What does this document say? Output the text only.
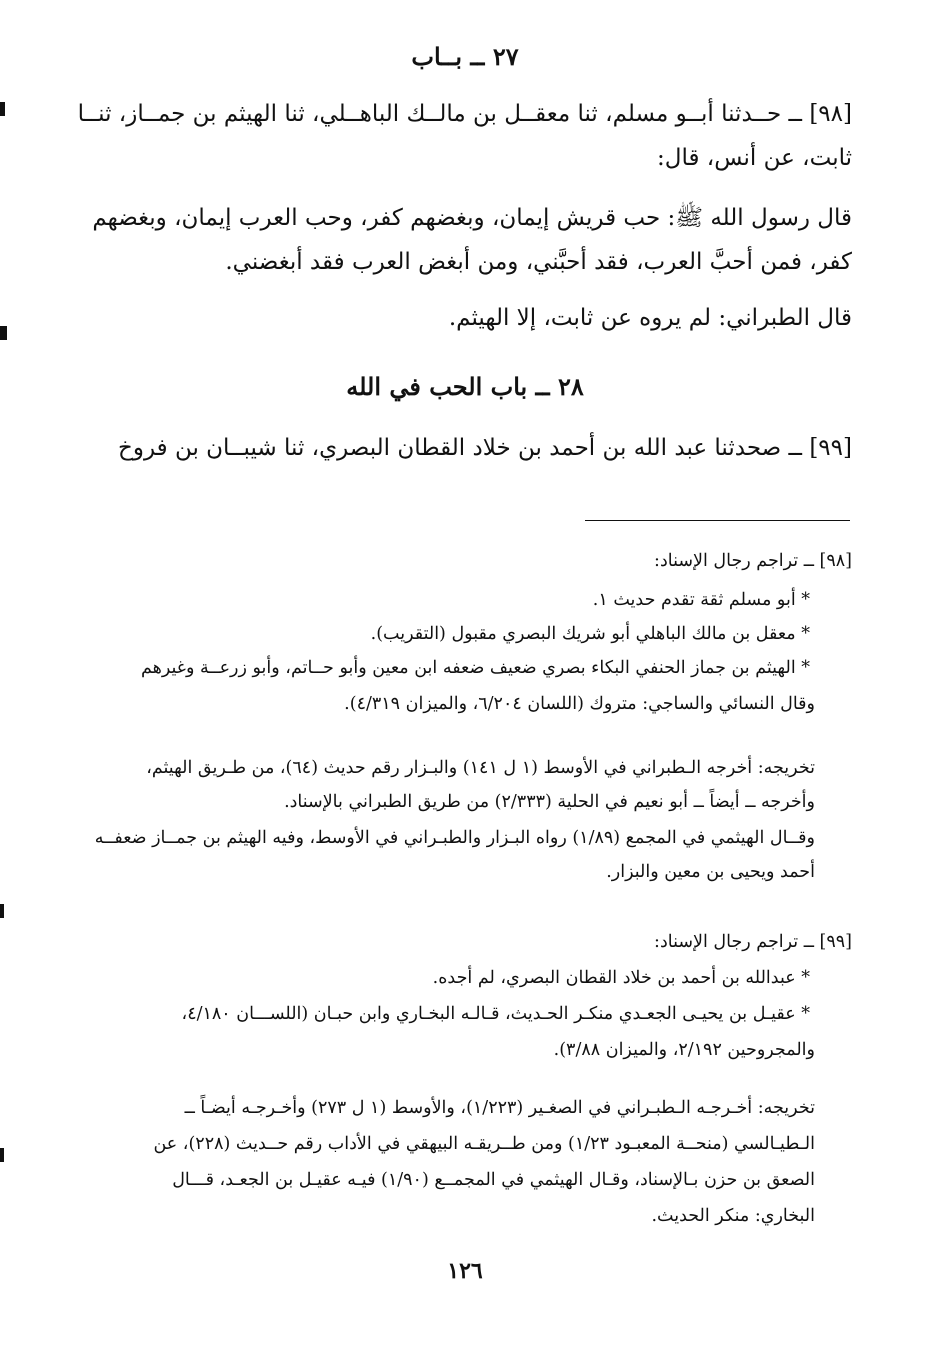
٢٧ ــ بــاب
[٩٨] ــ حــدثنا أبــو مسلم، ثنا معقــل بن مالــك الباهــلي، ثنا الهيثم بن جمــاز، ثنــا
ثابت، عن أنس، قال:
قال رسول الله ﷺ: حب قريش إيمان، وبغضهم كفر، وحب العرب إيمان، وبغضهم
كفر، فمن أحبَّ العرب، فقد أحبَّني، ومن أبغض العرب فقد أبغضني.
قال الطبراني: لم يروه عن ثابت، إلا الهيثم.
٢٨ ــ باب الحب في الله
[٩٩] ــ صحدثنا عبد الله بن أحمد بن خلاد القطان البصري، ثنا شيبــان بن فروخ
[٩٨] ــ تراجم رجال الإسناد:
* أبو مسلم ثقة تقدم حديث ١.
* معقل بن مالك الباهلي أبو شريك البصري مقبول (التقريب).
* الهيثم بن جماز الحنفي البكاء بصري ضعيف ضعفه ابن معين وأبو حــاتم، وأبو زرعــة وغيرهم
وقال النسائي والساجي: متروك (اللسان ٦/٢٠٤، والميزان ٤/٣١٩).
تخريجه: أخرجه الـطبراني في الأوسط (١ ل ١٤١) والبـزار رقم حديث (٦٤)، من طـريق الهيثم،
وأخرجه ــ أيضاً ــ أبو نعيم في الحلية (٢/٣٣٣) من طريق الطبراني بالإسناد.
وقــال الهيثمي في المجمع (١/٨٩) رواه البـزار والطبـراني في الأوسط، وفيه الهيثم بن جمــاز ضعفــه
أحمد ويحيى بن معين والبزار.
[٩٩] ــ تراجم رجال الإسناد:
* عبدالله بن أحمد بن خلاد القطان البصري، لم أجده.
* عقيـل بن يحيـى الجعـدي منكـر الحـديث، قـالـه البخـاري وابن حبـان (اللســـان ٤/١٨٠،
والمجروحين ٢/١٩٢، والميزان ٣/٨٨).
تخريجه: أخـرجـه الـطبـراني في الصغـير (١/٢٢٣)، والأوسط (١ ل ٢٧٣) وأخـرجـه أيضـاً ــ
الـطيـالسي (منحــة المعبـود ١/٢٣) ومن طــريقـه البيهقي في الأداب رقم حــديث (٢٢٨)، عن
الصعق بن حزن بـالإسناد، وقـال الهيثمي في المجمــع (١/٩٠) فيـه عقيـل بن الجعـد، قـــال
البخاري: منكر الحديث.
١٢٦
